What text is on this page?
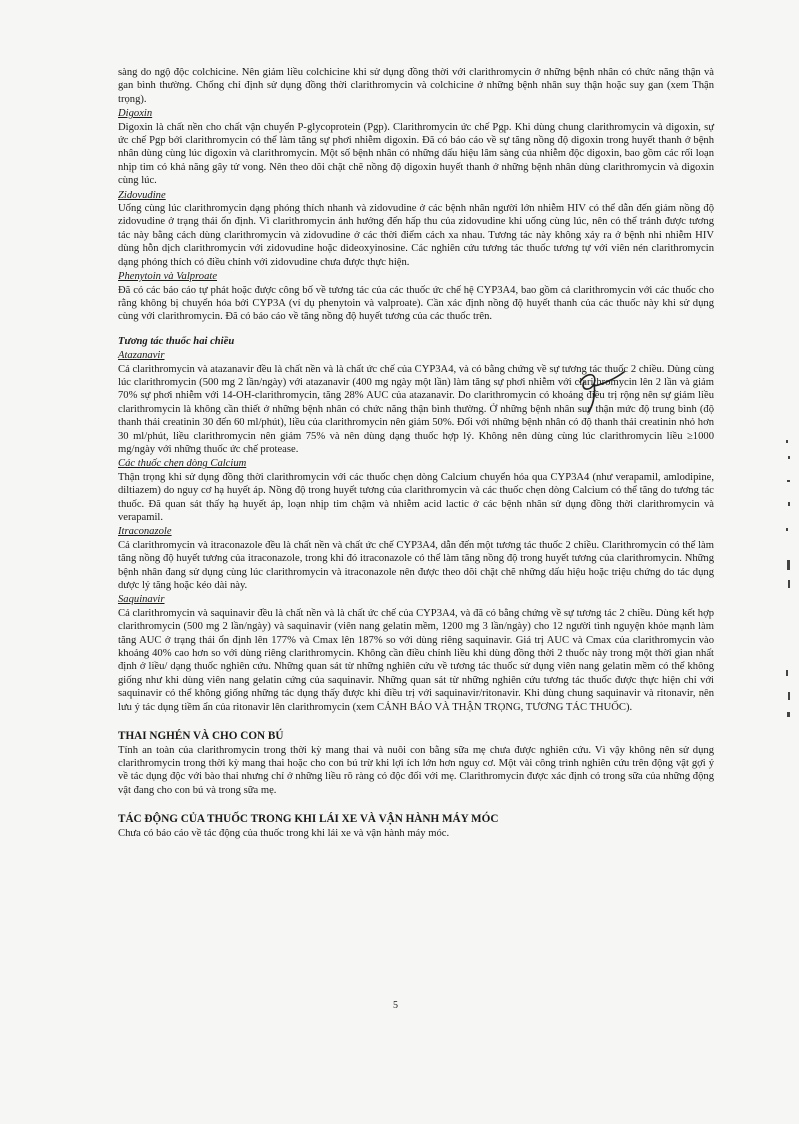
sàng do ngộ độc colchicine. Nên giảm liều colchicine khi sử dụng đồng thời với clarithromycin ở những bệnh nhân có chức năng thận và gan bình thường. Chống chỉ định sử dụng đồng thời clarithromycin và colchicine ở những bệnh nhân suy thận hoặc suy gan (xem Thận trọng).

Digoxin

Digoxin là chất nền cho chất vận chuyển P-glycoprotein (Pgp). Clarithromycin ức chế Pgp. Khi dùng chung clarithromycin và digoxin, sự ức chế Pgp bởi clarithromycin có thể làm tăng sự phơi nhiễm digoxin. Đã có báo cáo về sự tăng nồng độ digoxin trong huyết thanh ở bệnh nhân dùng cùng lúc digoxin và clarithromycin. Một số bệnh nhân có những dấu hiệu lâm sàng của nhiễm độc digoxin, bao gồm các rối loạn nhịp tim có khả năng gây tử vong. Nên theo dõi chặt chẽ nồng độ digoxin huyết thanh ở những bệnh nhân dùng clarithromycin và digoxin cùng lúc.

Zidovudine

Uống cùng lúc clarithromycin dạng phóng thích nhanh và zidovudine ở các bệnh nhân người lớn nhiễm HIV có thể dẫn đến giảm nồng độ zidovudine ở trạng thái ổn định. Vì clarithromycin ảnh hưởng đến hấp thu của zidovudine khi uống cùng lúc, nên có thể tránh được tương tác này bằng cách dùng clarithromycin và zidovudine ở các thời điểm cách xa nhau. Tương tác này không xảy ra ở bệnh nhi nhiễm HIV dùng hỗn dịch clarithromycin với zidovudine hoặc dideoxyinosine. Các nghiên cứu tương tác thuốc tương tự với viên nén clarithromycin dạng phóng thích có điều chỉnh với zidovudine chưa được thực hiện.

Phenytoin và Valproate

Đã có các báo cáo tự phát hoặc được công bố về tương tác của các thuốc ức chế hệ CYP3A4, bao gồm cả clarithromycin với các thuốc cho rằng không bị chuyển hóa bởi CYP3A (ví dụ phenytoin và valproate). Cần xác định nồng độ huyết thanh của các thuốc này khi sử dụng cùng với clarithromycin. Đã có báo cáo về tăng nồng độ huyết tương của các thuốc trên.

Tương tác thuốc hai chiều
Atazanavir

Cả clarithromycin và atazanavir đều là chất nền và là chất ức chế của CYP3A4, và có bằng chứng về sự tương tác thuốc 2 chiều. Dùng cùng lúc clarithromycin (500 mg 2 lần/ngày) với atazanavir (400 mg ngày một lần) làm tăng sự phơi nhiễm với clarithromycin lên 2 lần và giảm 70% sự phơi nhiễm với 14-OH-clarithromycin, tăng 28% AUC của atazanavir. Do clarithromycin có khoảng điều trị rộng nên sự giảm liều clarithromycin là không cần thiết ở những bệnh nhân có chức năng thận bình thường. Ở những bệnh nhân suy thận mức độ trung bình (độ thanh thải creatinin 30 đến 60 ml/phút), liều của clarithromycin nên giảm 50%. Đối với những bệnh nhân có độ thanh thải creatinin nhỏ hơn 30 ml/phút, liều clarithromycin nên giảm 75% và nên dùng dạng thuốc hợp lý. Không nên dùng cùng lúc clarithromycin liều ≥1000 mg/ngày với những thuốc ức chế protease.

Các thuốc chẹn dòng Calcium

Thận trọng khi sử dụng đồng thời clarithromycin với các thuốc chẹn dòng Calcium chuyển hóa qua CYP3A4 (như verapamil, amlodipine, diltiazem) do nguy cơ hạ huyết áp. Nồng độ trong huyết tương của clarithromycin và các thuốc chẹn dòng Calcium có thể tăng do tương tác thuốc. Đã quan sát thấy hạ huyết áp, loạn nhịp tim chậm và nhiễm acid lactic ở các bệnh nhân sử dụng đồng thời clarithromycin và verapamil.

Itraconazole

Cả clarithromycin và itraconazole đều là chất nền và chất ức chế CYP3A4, dẫn đến một tương tác thuốc 2 chiều. Clarithromycin có thể làm tăng nồng độ huyết tương của itraconazole, trong khi đó itraconazole có thể làm tăng nồng độ trong huyết tương của clarithromycin. Những bệnh nhân đang sử dụng cùng lúc clarithromycin và itraconazole nên được theo dõi chặt chẽ những dấu hiệu hoặc triệu chứng do tác dụng dược lý tăng hoặc kéo dài này.

Saquinavir

Cả clarithromycin và saquinavir đều là chất nền và là chất ức chế của CYP3A4, và đã có bằng chứng về sự tương tác 2 chiều. Dùng kết hợp clarithromycin (500 mg 2 lần/ngày) và saquinavir (viên nang gelatin mềm, 1200 mg 3 lần/ngày) cho 12 người tình nguyện khỏe mạnh làm tăng AUC ở trạng thái ổn định lên 177% và Cmax lên 187% so với dùng riêng saquinavir. Giá trị AUC và Cmax của clarithromycin vào khoảng 40% cao hơn so với dùng riêng clarithromycin. Không cần điều chỉnh liều khi dùng đồng thời 2 thuốc này trong một thời gian nhất định ở liều/ dạng thuốc nghiên cứu. Những quan sát từ những nghiên cứu về tương tác thuốc sử dụng viên nang gelatin mềm có thể không giống như khi dùng viên nang gelatin cứng của saquinavir. Những quan sát từ những nghiên cứu tương tác thuốc được thực hiện chỉ với saquinavir có thể không giống những tác dụng thấy được khi điều trị với saquinavir/ritonavir. Khi dùng chung saquinavir và ritonavir, nên lưu ý tác dụng tiềm ẩn của ritonavir lên clarithromycin (xem CẢNH BÁO VÀ THẬN TRỌNG, TƯƠNG TÁC THUỐC).

THAI NGHÉN VÀ CHO CON BÚ

Tính an toàn của clarithromycin trong thời kỳ mang thai và nuôi con bằng sữa mẹ chưa được nghiên cứu. Vì vậy không nên sử dụng clarithromycin trong thời kỳ mang thai hoặc cho con bú trừ khi lợi ích lớn hơn nguy cơ. Một vài công trình nghiên cứu trên động vật gợi ý về tác dụng độc với bào thai nhưng chỉ ở những liều rõ ràng có độc đối với mẹ. Clarithromycin được xác định có trong sữa của những động vật đang cho con bú và trong sữa mẹ.

TÁC ĐỘNG CỦA THUỐC TRONG KHI LÁI XE VÀ VẬN HÀNH MÁY MÓC

Chưa có báo cáo về tác động của thuốc trong khi lái xe và vận hành máy móc.

5
